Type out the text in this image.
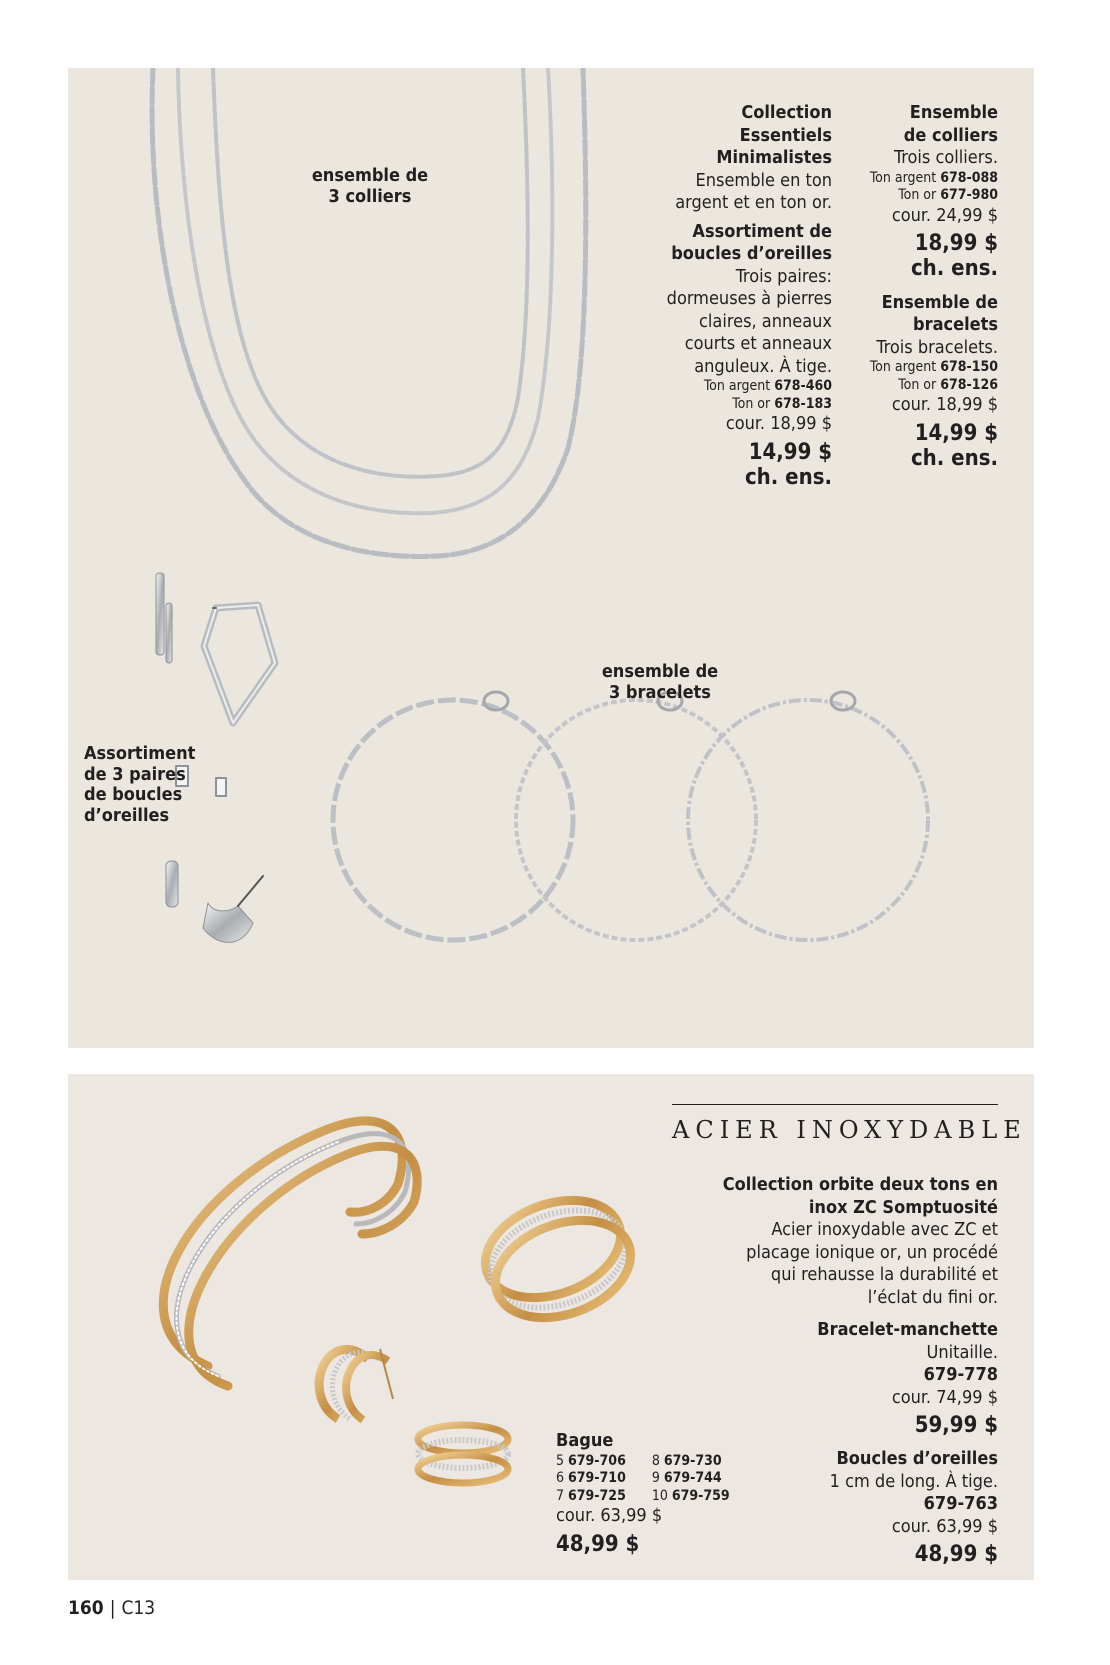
ensemble de
3 colliers
ensemble de
3 bracelets
Assortiment
de 3 paires
de boucles
d’oreilles
Collection
Essentiels
Minimalistes
Ensemble en ton
argent et en ton or.
Assortiment de
boucles d’oreilles
Trois paires:
dormeuses à pierres
claires, anneaux
courts et anneaux
anguleux. À tige.
Ton argent 678-460
Ton or 678-183
cour. 18,99 $
14,99 $
ch. ens.
Ensemble
de colliers
Trois colliers.
Ton argent 678-088
Ton or 677-980
cour. 24,99 $
18,99 $
ch. ens.
Ensemble de
bracelets
Trois bracelets.
Ton argent 678-150
Ton or 678-126
cour. 18,99 $
14,99 $
ch. ens.
ACIER INOXYDABLE
Collection orbite deux tons en
inox ZC Somptuosité
Acier inoxydable avec ZC et
placage ionique or, un procédé
qui rehausse la durabilité et
l’éclat du fini or.
Bracelet-manchette
Unitaille.
679-778
cour. 74,99 $
59,99 $
Boucles d’oreilles
1 cm de long. À tige.
679-763
cour. 63,99 $
48,99 $
Bague
5 679-706
6 679-710
7 679-725
8 679-730
9 679-744
10 679-759
cour. 63,99 $
48,99 $
160 | C13
